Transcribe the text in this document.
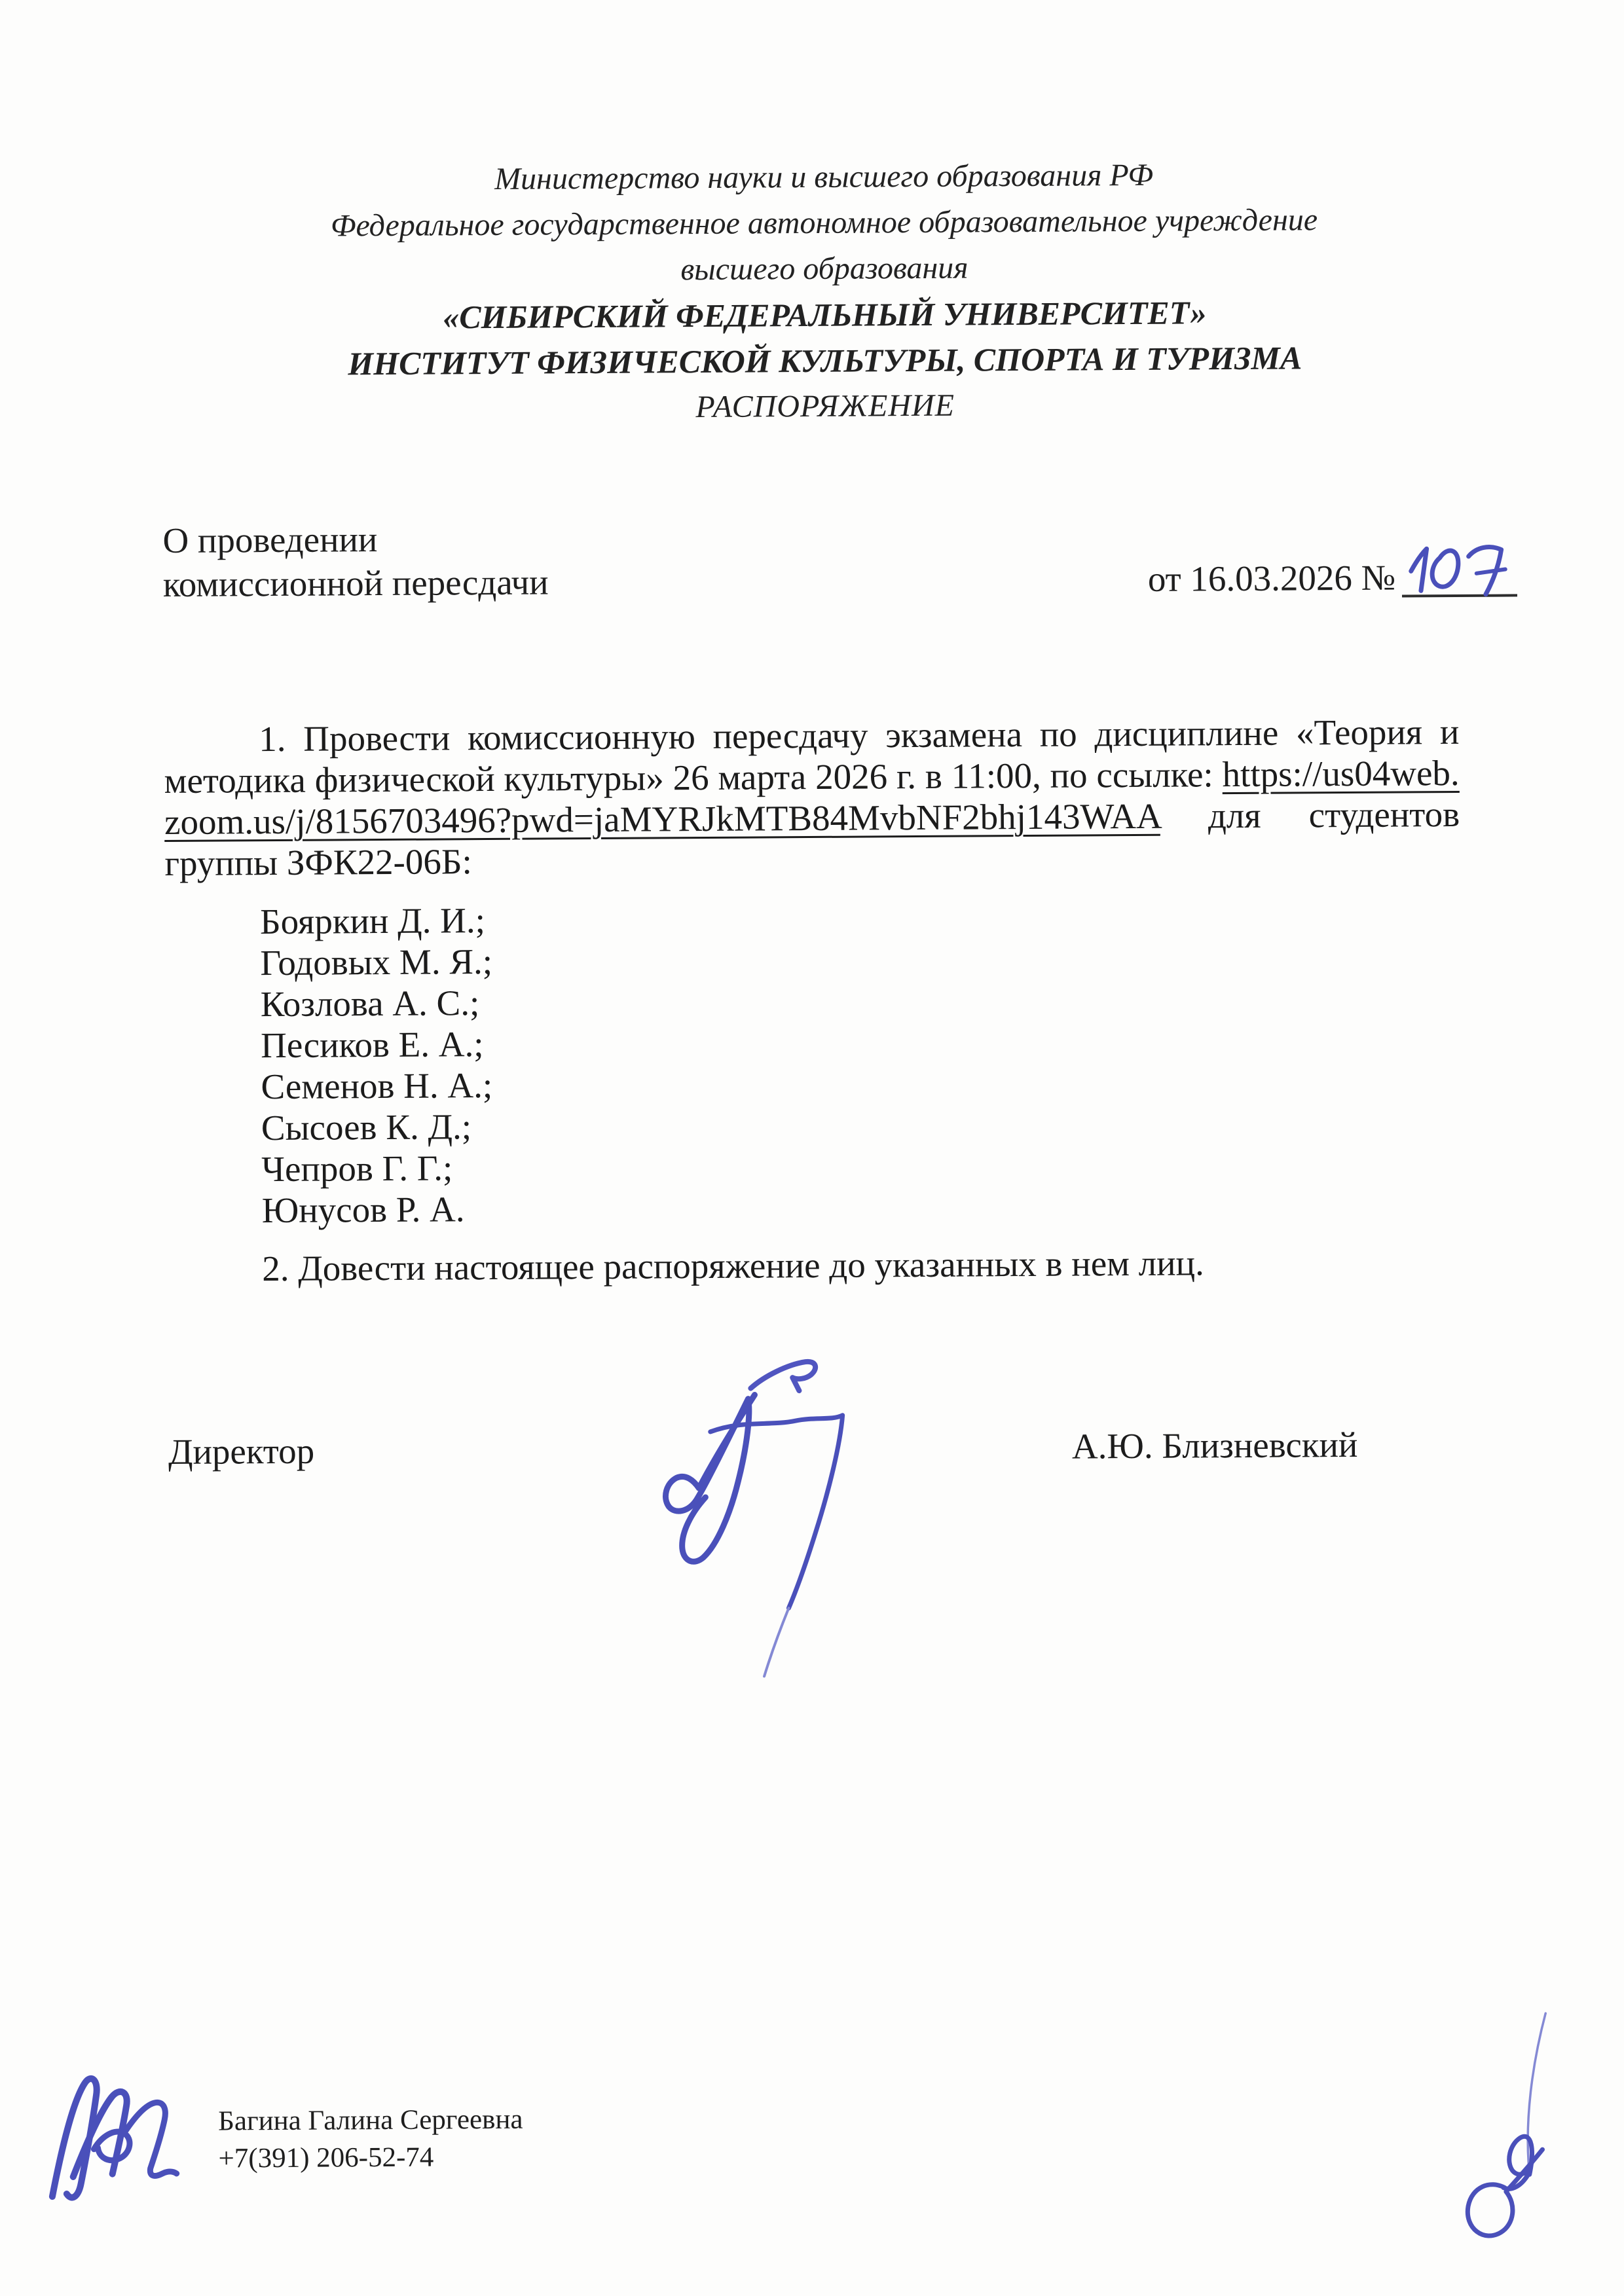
Министерство науки и высшего образования РФ
Федеральное государственное автономное образовательное учреждение
высшего образования
«СИБИРСКИЙ ФЕДЕРАЛЬНЫЙ УНИВЕРСИТЕТ»
ИНСТИТУТ ФИЗИЧЕСКОЙ КУЛЬТУРЫ, СПОРТА И ТУРИЗМА
РАСПОРЯЖЕНИЕ
О проведении
комиссионной пересдачи	от 16.03.2026 №

1. Провести комиссионную пересдачу экзамена по дисциплине «Теория и методика физической культуры» 26 марта 2026 г. в 11:00, по ссылке: https://us04web.zoom.us/j/8156703496?pwd=jaMYRJkMTB84MvbNF2bhj143WAA для студентов группы ЗФК22-06Б:

Бояркин Д. И.;
Годовых М. Я.;
Козлова А. С.;
Песиков Е. А.;
Семенов Н. А.;
Сысоев К. Д.;
Чепров Г. Г.;
Юнусов Р. А.

2. Довести настоящее распоряжение до указанных в нем лиц.

Директор	А.Ю. Близневский
Багина Галина Сергеевна
+7(391) 206-52-74
